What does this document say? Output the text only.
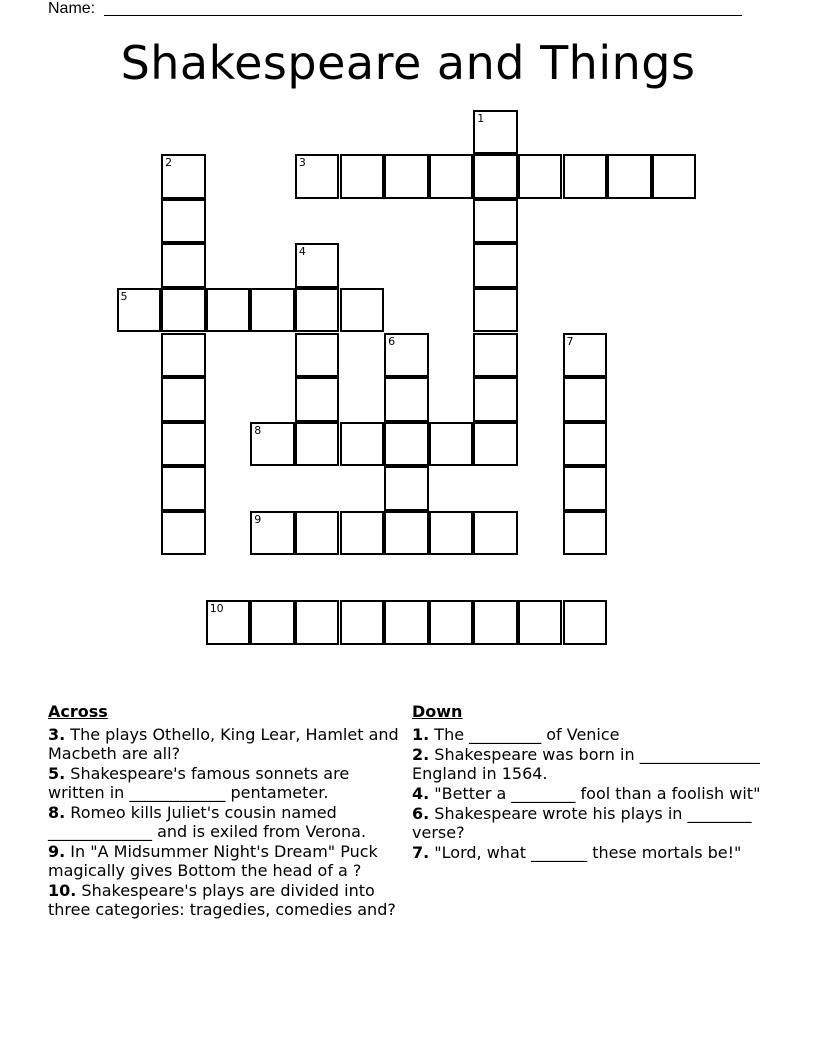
Name:
Shakespeare and Things
1
2	3
4
5
6	7
8
9
10
Across
3. The plays Othello, King Lear, Hamlet and Macbeth are all?
5. Shakespeare's famous sonnets are written in ____________ pentameter.
8. Romeo kills Juliet's cousin named _____________ and is exiled from Verona.
9. In "A Midsummer Night's Dream" Puck magically gives Bottom the head of a ?
10. Shakespeare's plays are divided into three categories: tragedies, comedies and?
Down
1. The _________ of Venice
2. Shakespeare was born in _______________ England in 1564.
4. "Better a ________ fool than a foolish wit"
6. Shakespeare wrote his plays in ________ verse?
7. "Lord, what _______ these mortals be!"
